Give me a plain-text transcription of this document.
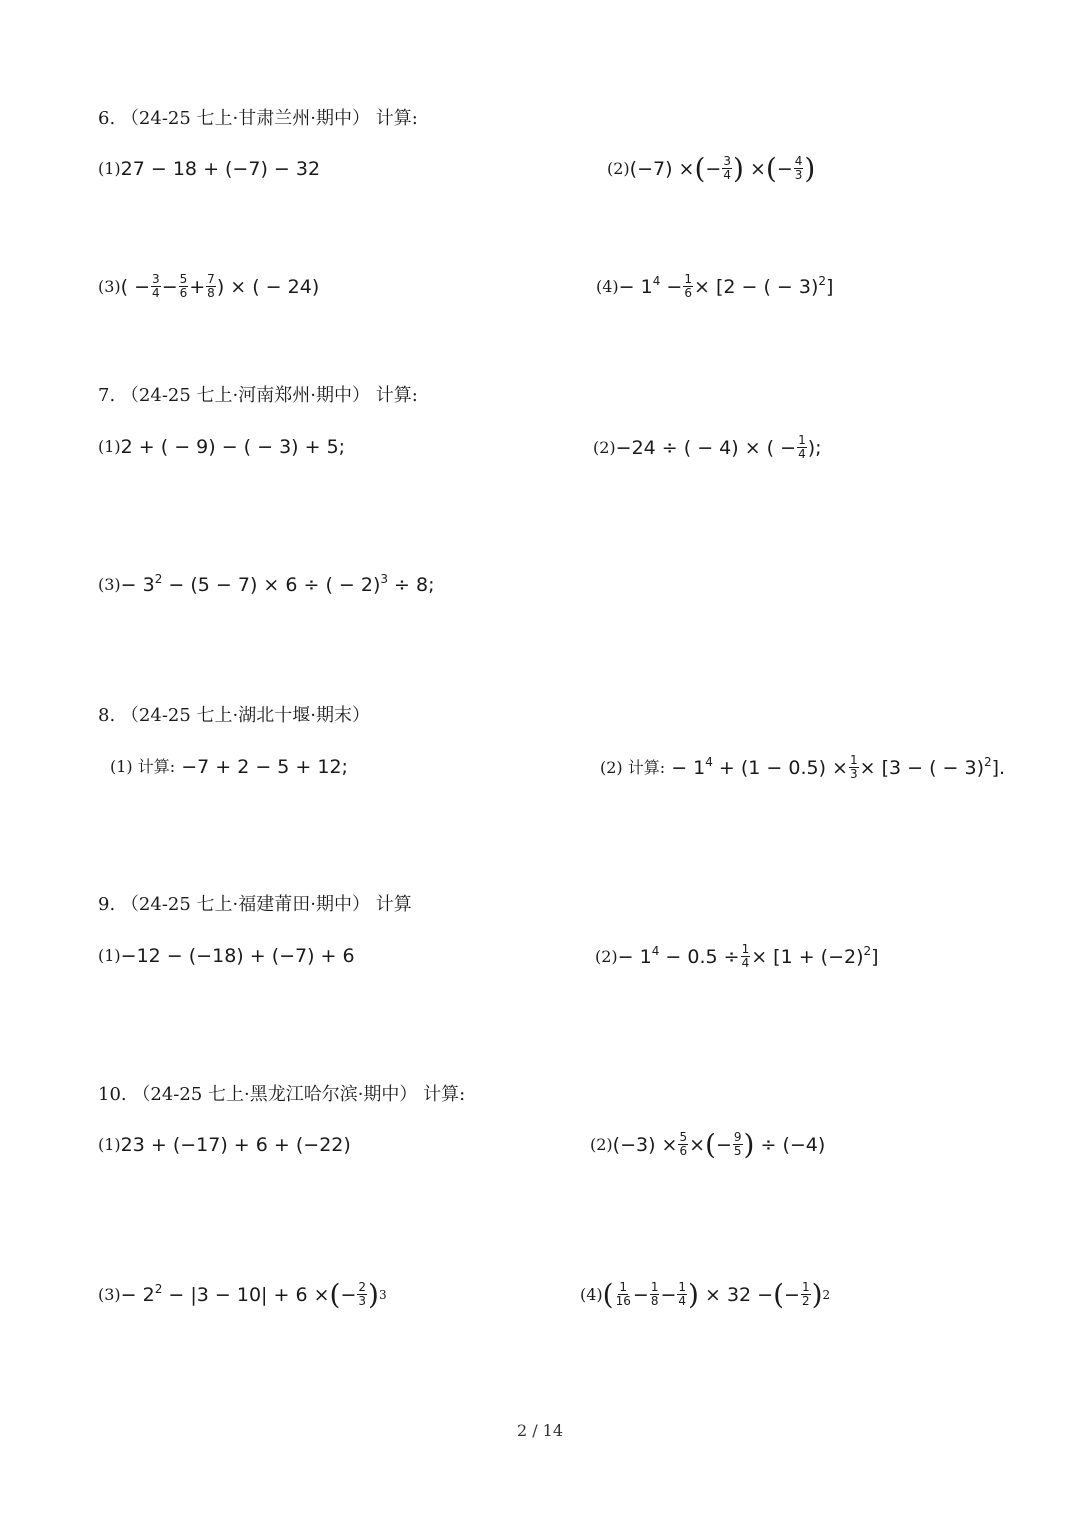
6. （24-25 七上·甘肃兰州·期中） 计算:
(1) 27 − 18 + (−7) − 32	(2) (−7) × ( − $\frac{3}{4}$ ) × ( − $\frac{4}{3}$ )
(3) ( − $\frac{3}{4} - \frac{5}{6} + \frac{7}{8}$ ) × ( − 24)	$(4) - 1^4 - \frac{1}{6} \times [2$ − ( − 3)$^2$]
7. （24-25 七上·河南郑州·期中） 计算:
(1) 2 + ( − 9) − ( − 3) + 5;	(2) −24 ÷ ( − 4) × ( − $\frac{1}{4}$ );
$(3) - 3^2 - (5 - 7) \times 6$ ÷ ( − 2)$^3$ ÷ 8;
8. （24-25 七上·湖北十堰·期末）
(1) 计算: −7 + 2 − 5 + 12;	(2) 计算: − $1^4 + (1 - 0.5) \times \frac{1}{3} \times [3$ − ( − 3)$^2$].
9. （24-25 七上·福建莆田·期中） 计算
(1) −12 − (−18) + (−7) + 6	$(2) - 1^4 - 0.5 \div \frac{1}{4} \times [1 + (-2)^2]$
10. （24-25 七上·黑龙江哈尔滨·期中） 计算:
(1) 23 + (−17) + 6 + (−22)	(2) $(-3) \times \frac{5}{6}$ × ( − $\frac{9}{5}$ ) ÷ (−4)
$(3) - 2^2 - |3 - 10| + 6$ × ( − $\frac{2}{3}$ ) 3	(4) ( $\frac{1}{16} - \frac{1}{8} - \frac{1}{4}$ ) × 32 − ( − $\frac{1}{2}$ ) 2
2 / 14
